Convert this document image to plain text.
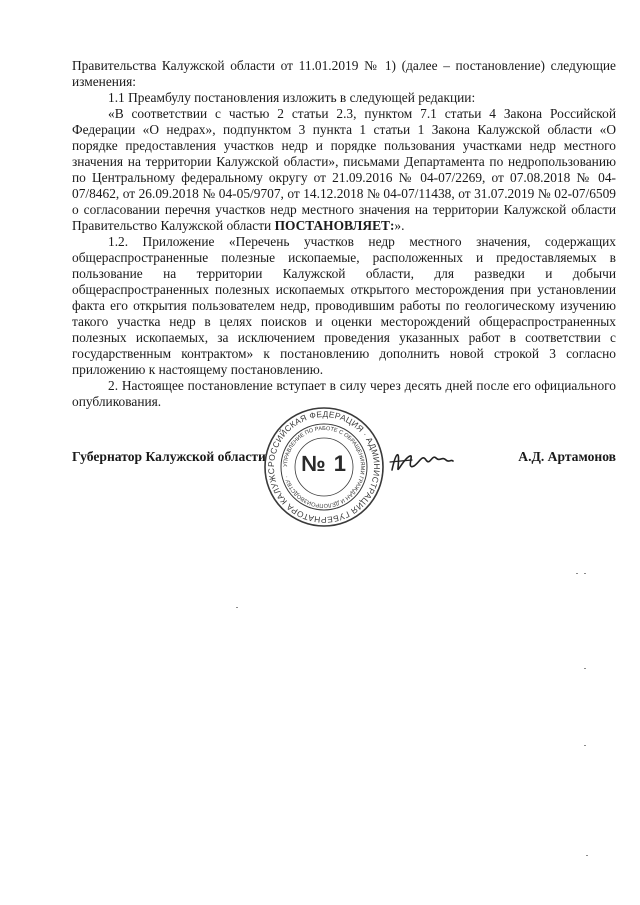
Правительства Калужской области от 11.01.2019 № 1) (далее – постановление) следующие изменения:

1.1 Преамбулу постановления изложить в следующей редакции:

«В соответствии с частью 2 статьи 2.3, пунктом 7.1 статьи 4 Закона Российской Федерации «О недрах», подпунктом 3 пункта 1 статьи 1 Закона Калужской области «О порядке предоставления участков недр и порядке пользования участками недр местного значения на территории Калужской области», письмами Департамента по недропользованию по Центральному федеральному округу от 21.09.2016 № 04-07/2269, от 07.08.2018 № 04-07/8462, от 26.09.2018 № 04-05/9707, от 14.12.2018 № 04-07/11438, от 31.07.2019 № 02-07/6509 о согласовании перечня участков недр местного значения на территории Калужской области Правительство Калужской области ПОСТАНОВЛЯЕТ:».

1.2. Приложение «Перечень участков недр местного значения, содержащих общераспространенные полезные ископаемые, расположенных и предоставляемых в пользование на территории Калужской области, для разведки и добычи общераспространенных полезных ископаемых открытого месторождения при установлении факта его открытия пользователем недр, проводившим работы по геологическому изучению такого участка недр в целях поисков и оценки месторождений общераспространенных полезных ископаемых, за исключением проведения указанных работ в соответствии с государственным контрактом» к постановлению дополнить новой строкой 3 согласно приложению к настоящему постановлению.

2. Настоящее постановление вступает в силу через десять дней после его официального опубликования.

Губернатор Калужской области	А.Д. Артамонов
РОССИЙСКАЯ ФЕДЕРАЦИЯ · АДМИНИСТРАЦИЯ ГУБЕРНАТОРА КАЛУЖС
УПРАВЛЕНИЕ ПО РАБОТЕ С ОБРАЩЕНИЯМИ ГРАЖДАН И ДЕЛОПРОИЗВОДСТВУ ·
№ 1
